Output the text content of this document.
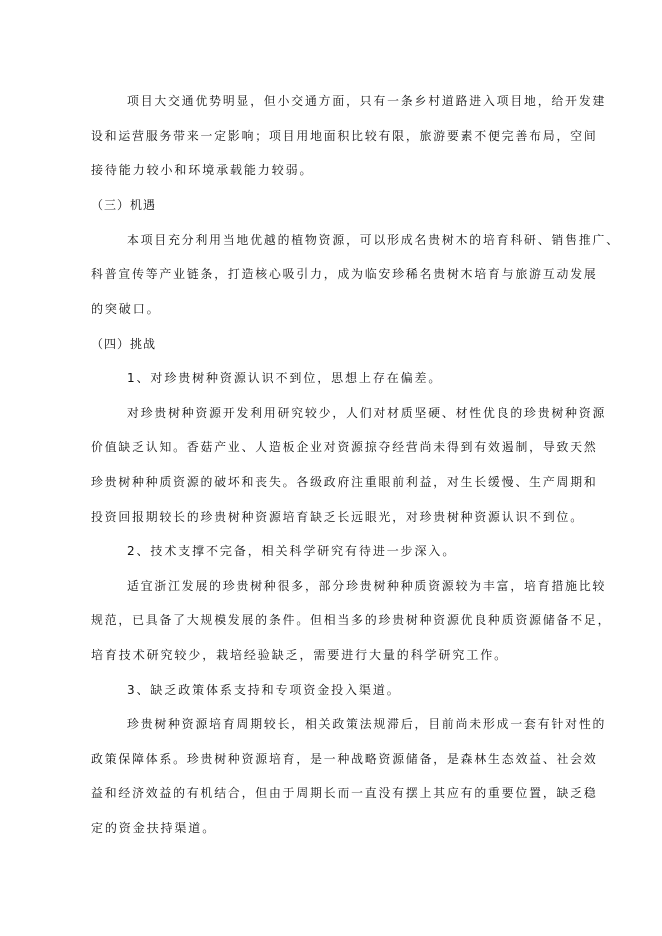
项目大交通优势明显，但小交通方面，只有一条乡村道路进入项目地，给开发建
设和运营服务带来一定影响；项目用地面积比较有限，旅游要素不便完善布局，空间
接待能力较小和环境承载能力较弱。
（三）机遇
本项目充分利用当地优越的植物资源，可以形成名贵树木的培育科研、销售推广、
科普宣传等产业链条，打造核心吸引力，成为临安珍稀名贵树木培育与旅游互动发展
的突破口。
（四）挑战
1、对珍贵树种资源认识不到位，思想上存在偏差。
对珍贵树种资源开发利用研究较少，人们对材质坚硬、材性优良的珍贵树种资源
价值缺乏认知。香菇产业、人造板企业对资源掠夺经营尚未得到有效遏制，导致天然
珍贵树种种质资源的破坏和丧失。各级政府注重眼前利益，对生长缓慢、生产周期和
投资回报期较长的珍贵树种资源培育缺乏长远眼光，对珍贵树种资源认识不到位。
2、技术支撑不完备，相关科学研究有待进一步深入。
适宜浙江发展的珍贵树种很多，部分珍贵树种种质资源较为丰富，培育措施比较
规范，已具备了大规模发展的条件。但相当多的珍贵树种资源优良种质资源储备不足，
培育技术研究较少，栽培经验缺乏，需要进行大量的科学研究工作。
3、缺乏政策体系支持和专项资金投入渠道。
珍贵树种资源培育周期较长，相关政策法规滞后，目前尚未形成一套有针对性的
政策保障体系。珍贵树种资源培育，是一种战略资源储备，是森林生态效益、社会效
益和经济效益的有机结合，但由于周期长而一直没有摆上其应有的重要位置，缺乏稳
定的资金扶持渠道。
